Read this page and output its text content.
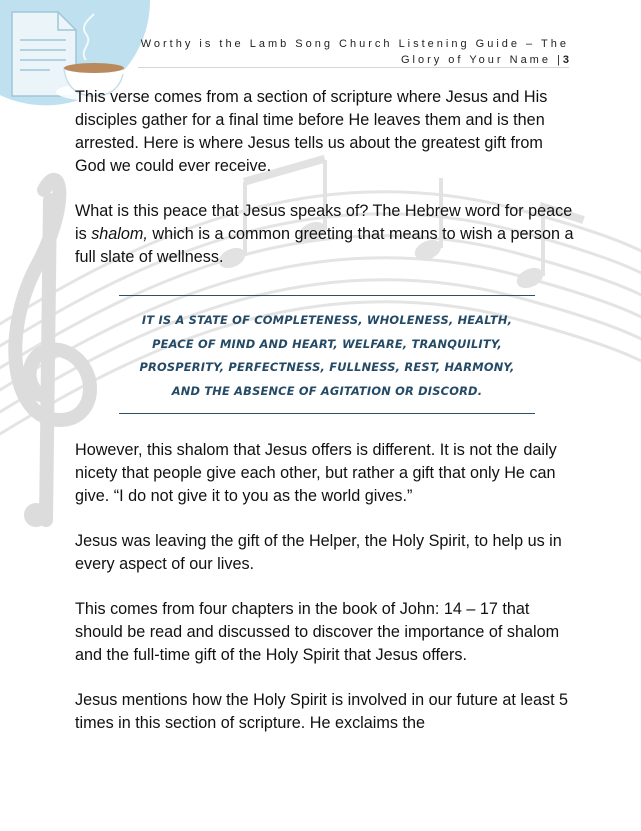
Worthy is the Lamb Song Church Listening Guide – The Glory of Your Name |3

This verse comes from a section of scripture where Jesus and His disciples gather for a final time before He leaves them and is then arrested. Here is where Jesus tells us about the greatest gift from God we could ever receive.

What is this peace that Jesus speaks of? The Hebrew word for peace is shalom, which is a common greeting that means to wish a person a full slate of wellness.

IT IS A STATE OF COMPLETENESS, WHOLENESS, HEALTH,
PEACE OF MIND AND HEART, WELFARE, TRANQUILITY,
PROSPERITY, PERFECTNESS, FULLNESS, REST, HARMONY,
AND THE ABSENCE OF AGITATION OR DISCORD.

However, this shalom that Jesus offers is different. It is not the daily nicety that people give each other, but rather a gift that only He can give. “I do not give it to you as the world gives.”

Jesus was leaving the gift of the Helper, the Holy Spirit, to help us in every aspect of our lives.

This comes from four chapters in the book of John: 14 – 17 that should be read and discussed to discover the importance of shalom and the full-time gift of the Holy Spirit that Jesus offers.

Jesus mentions how the Holy Spirit is involved in our future at least 5 times in this section of scripture. He exclaims the
